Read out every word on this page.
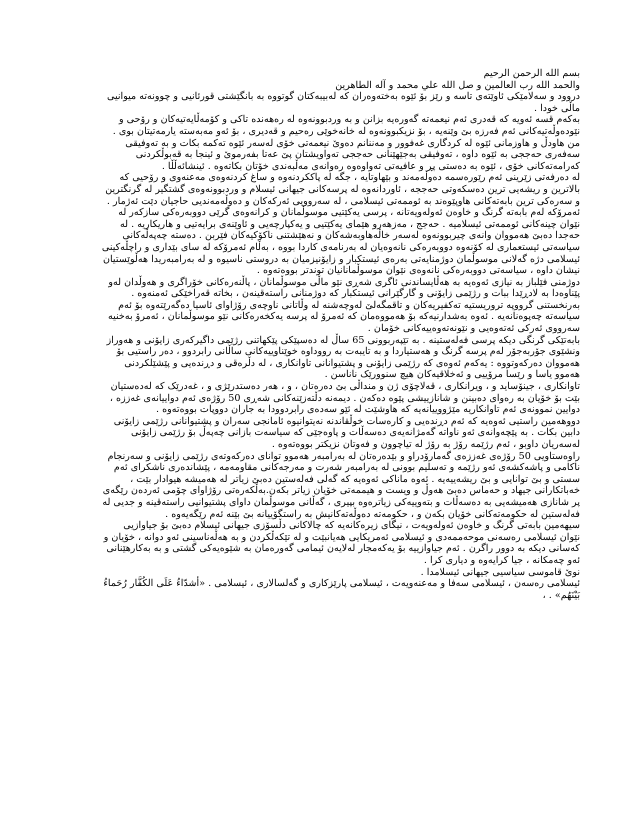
بسم الله الرحمن الرحيم

والحمد الله رب العالمين و صل الله علي محمد و آله الطاهرين

دروود و سەلامێکی ئاوێتەی تاسە و رێز بۆ ئێوە بەختەوەران کە لەبیبەکتان گوتووە بە بانگێشتی قورئانیی و چوونەتە میوانیی ماڵی خودا .

بەکەم قسە ئەویە کە قەدری ئەم نیعمەتە گەورەیە بزانن و بە وردبوونەوە لە رەهەندە تاکی و کۆمەڵایەتیەکان و رۆحی و نێودەوڵەتیەکانی ئەم فەرزە بێ وێنەیە ، بۆ نزیکبوونەوە لە خانەخوێی رەحیم و قەدیری ، بۆ ئەو مەبەستە یارمەتیتان بوی .

من هاودڵ و هاوزمانی ئێوە لە کردگاری غەفوور و مەننانم دەوێ نیعمەتی خۆی لەسەر ئێوە تەکمە بکات و بە تەوفیقی سەفەری حەججی بە ئێوە داوە ، تەوفیقی بەجێهێنانی حەججی تەواویشتان پێ عەتا بفەرموێ و ئینجا بە قەبوڵکردنی کەرامەتەکانی خۆی ، ئێوە بە دەستی پڕ و عافیەتی تەواوەوە رەوانەی مەڵبەندی خۆتان بکاتەوە . ئینشائەڵڵا .

لە دەرفەتی زێرینی ئەم رێورەسمە دەوڵەمەند و بێهاوتایە ، جگە لە پاککردنەوە و ساغ کردنەوەی مەعنەوی و رۆحیی کە بالاترین و ریشەیی ترین دەسکەوتی حەججە ، ئاوردانەوە لە پرسەکانی جیهانی ئیسلام و وردبوونەوەی گشتگیر لە گرنگترین و سەرەکی ترین بابەتەکانی هاوپێوەند بە ئوممەتی ئیسلامی ، لە سەروویی ئەرکەکان و دەوڵەمەندیی حاجیان دێت ئەژمار .

ئەمرۆکە لەم بابەتە گرنگ و خاوەن ئەولەویەتانە ، پرسی یەکێتیی موسوڵمانان و کرانەوەی گرێی دووبەرەکی سازکەر لە نێوان چینەکانی ئوممەتی ئیسلامیە . حەجج ، مەزهەرو هێمای یەکێتیی و یەکپارچەیی و ئاوێنەی برایەتیی و هاریکاریە . لە حەجدا دەبێ هەمووان وانەی چیربوونەوە لەسەر خاڵەهاوبەشەکان و نەهێشتنی ناکۆکیەکان فێربن . دەستە چەپەڵەکانی سیاسەتی ئیستعماری لە کۆنەوە دووبەرەکی نانەوەیان لە بەرنامەی کاردا بووە ، بەڵام ئەمرۆکە لە سای بێداری و راچڵەکینی ئیسلامی دژە گەلانی موسوڵمان دوژمنایەتی بەرەی ئیستکبار و زایۆنیزمیان بە دروستی ناسیوە و لە بەرامبەریدا هەڵوێستیان نیشان داوە ، سیاسەتی دووبەرەکی نانەوەی نێوان موسوڵمانانیان توندتر بووەتەوە .

دوژمنی فێلباز بە نیازی ئەوەیە بە هەڵایساندنی ئاگری شەڕی نێو ماڵی موسوڵمانان ، پاڵنەرەکانی خۆراگری و هەوڵدان لەو پێناوەدا بە لادڕێدا ببات و رژێمی زایۆنی و گارگێرانی ئیستکبار کە دوژمنانی راستەقینەن ، بخاتە قەراخێکی ئەمنەوە . بەرنخستنی گرووپە تروریستیە تەکفیریەکان و تاقمگەلێ لەوچەشنە لە وڵاتانی ناوچەی رۆژاوای ئاسیا دەگەرێتەوە بۆ ئەم سیاسەتە چەپوەنانەیە . ئەوە بەشدارنیەکە بۆ هەمووەمان کە ئەمرۆ لە پرسە یەکخەرەکانی نێو موسوڵمانان ، ئەمرۆ بەخنیە سەرووی ئەرکی ئەتەوەیی و نێونەتەوەییەکانی خۆمان .

بابەتێکی گرنگی دیکە پرسی فەلەستینە . بە تێپەربوونی 65 ساڵ لە دەسپێکی پێکهاتنی رژێمی داگیرکەری زایۆنی و هەوراز ونشێوی جۆربەجۆر لەم پرسە گرنگ و هەستیاردا و بە تایبەت بە رووداوە خوێناوییەکانی ساڵانی رابردوو ، دەر راستیی بۆ هەمووان دەرکەوتووە : یەکەم ئەوەی کە رژێمی زایۆنی و پشتیوانانی تاوانکاری ، لە دڵرەقی و دڕندەیی و پێشێلکردنی هەموو یاسا و رێسا مرۆییی و ئەخلاقیەکان هیچ سنوورێک ناناسن .

تاوانکاری ، جینۆساید و ، ویرانکاری ، قەلاچۆی ژن و منداڵی بێ دەرەتان ، و ، هەر دەستدرێژی و ، غەدرێک کە لەدەستیان بێت بۆ خۆیان بە رەوای دەبینن و شانازییشی پێوە دەکەن . دیمەنە دڵتەزێنەکانی شەڕی 50 رۆژەی ئەم دواییانەی غەززە ، دوایین نموونەی ئەم تاوانکاریە مێژووییانەیە کە هاوشێت لە ئێو سەدەی رابردوودا بە جاران دووپات بووەتەوە .

دووهەمین راستیی ئەوەیە کە ئەم دڕندەیی و کارەسات خوڵقاندنە نەیتوانیوە ئامانجی سەران و پشتیوانانی رژێمی زایۆنی دابین بکات . بە پێچەوانەی ئەو ناواتە گەمژانەیەی دەسەڵات و پاوەجێی کە سیاسەت بازانی چەپەڵ بۆ رژێمی زایۆنی لەسەریان داوبو ، ئەم رژێمە رۆژ بە رۆژ لە تیاچوون و فەوتان نزیکتر بووەتەوە .

راوەستاویی 50 رۆژەی غەززەی گەمارۆدراو و بێدەرەتان لە بەرامبەر هەموو توانای دەرکەوتەی رژێمی زایۆنی و سەرنجام ناکامی و پاشەکشەی ئەو رژێمە و تەسلیم بوونی لە بەرامبەر شەرت و مەرجەکانی مقاومەمە ، پێشاندەری ناشکرای ئەم سستی و بێ توانایی و بێ ریشەییەیە . ئەوە ماناکی ئەوەیە کە گەلی فەلەستین دەبێ زیاتر لە هەمیشە هیوادار بێت ، خەباتکارانی جیهاد و حەماس دەبێ هەوڵ و ویست و هیممەتی خۆیان زیاتر بکەن.بەڵکەرەتی رۆژاوای چۆمی ئەردەن رێگەی پر شانازی هەمیشەیی بە دەسەڵات و بتەوییەکی زیاترەوە بپیری ، گەڵانی موسوڵمان داوای پشتیوانیی راستەقینە و جدیی لە فەلەستین لە حکومەتەکانی خۆیان بکەن و ، حکومەتە دەوڵەتەکانیش بە راستگۆییانە بێ بێنە ئەم رێگەیەوە .

سیهەمین بابەتی گرنگ و خاوەن ئەولەویەت ، نیگای زیرەکانەیە کە چالاکانی دڵسۆزی جیهانی ئیسلام دەبێ بۆ جیاوازیی نێوان ئیسلامی رەسەنی موحەممەدی و ئیسلامی ئەمریکایی هەیانبێت و لە تێکەڵکردن و بە هەڵەناسینی ئەو دوانە ، خۆیان و کەسانی دیکە بە دوور راگرن . ئەم جیاوازییە بۆ یەکەمجار لەلایەن ئیمامی گەورەمان بە شێوەیەکی گشتی و بە بەکارهێنانی ئەو چەمکانە ، جیا کرایەوە و دیاری کرا .

نوێ قاموسی سیاسیی جیهانی ئیسلامدا .

ئیسلامی رەسەن ، ئیسلامی سەفا و مەعنەویەت ، ئیسلامی پارێزکاری و گەلسالاری ، ئیسلامی . «أشدّاءُ عَلَى الكُفَّار رُحَماءُ بَيْنَهُم» . ،
